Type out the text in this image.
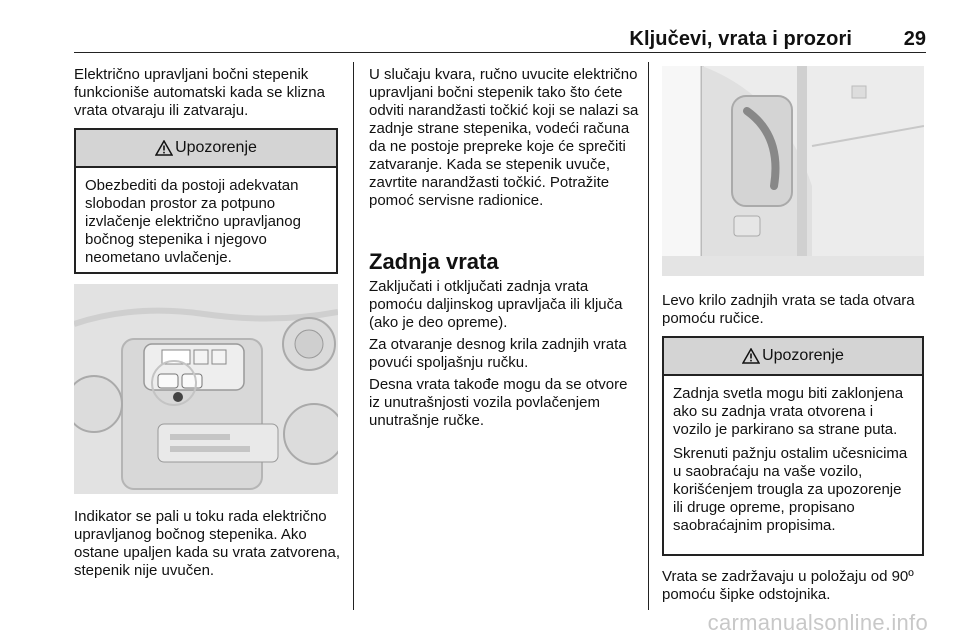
Ključevi, vrata i prozori	29

Električno upravljani bočni stepenik funkcioniše automatski kada se klizna vrata otvaraju ili zatvaraju.

Upozorenje

Obezbediti da postoji adekvatan slobodan prostor za potpuno izvlačenje električno upravljanog bočnog stepenika i njegovo neometano uvlačenje.

Indikator se pali u toku rada električno upravljanog bočnog stepenika. Ako ostane upaljen kada su vrata zatvorena, stepenik nije uvučen.

U slučaju kvara, ručno uvucite električno upravljani bočni stepenik tako što ćete odviti narandžasti točkić koji se nalazi sa zadnje strane stepenika, vodeći računa da ne postoje prepreke koje će sprečiti zatvaranje. Kada se stepenik uvuče, zavrtite narandžasti točkić. Potražite pomoć servisne radionice.

Zadnja vrata

Zaključati i otključati zadnja vrata pomoću daljinskog upravljača ili ključa (ako je deo opreme).

Za otvaranje desnog krila zadnjih vrata povući spoljašnju ručku.

Desna vrata takođe mogu da se otvore iz unutrašnjosti vozila povlačenjem unutrašnje ručke.

Levo krilo zadnjih vrata se tada otvara pomoću ručice.

Upozorenje

Zadnja svetla mogu biti zaklonjena ako su zadnja vrata otvorena i vozilo je parkirano sa strane puta.

Skrenuti pažnju ostalim učesnicima u saobraćaju na vaše vozilo, korišćenjem trougla za upozorenje ili druge opreme, propisano saobraćajnim propisima.

Vrata se zadržavaju u položaju od 90º pomoću šipke odstojnika.

carmanualsonline.info
